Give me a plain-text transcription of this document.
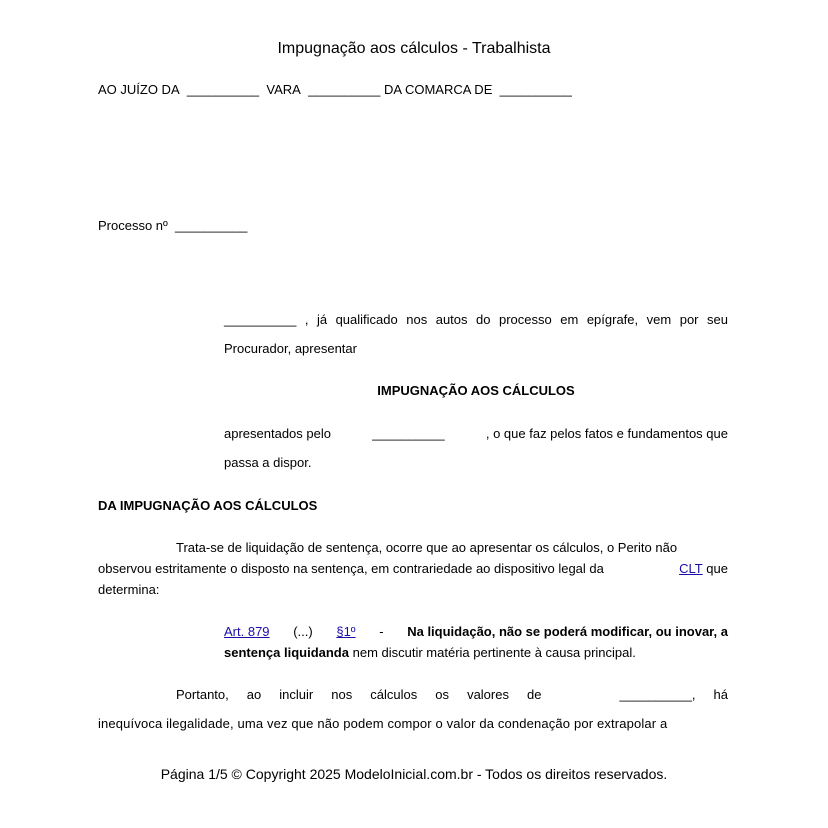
Impugnação aos cálculos - Trabalhista
AO JUÍZO DA __________ VARA __________ DA COMARCA DE __________
Processo nº __________
__________ , já qualificado nos autos do processo em epígrafe, vem por seu
Procurador, apresentar
IMPUGNAÇÃO AOS CÁLCULOS
apresentados pelo	__________	, o que faz pelos fatos e fundamentos que
passa a dispor.
DA IMPUGNAÇÃO AOS CÁLCULOS
Trata-se de liquidação de sentença, ocorre que ao apresentar os cálculos, o Perito não
observou estritamente o disposto na sentença, em contrariedade ao dispositivo legal da	CLT que
determina:
Art. 879 (...) §1º - Na liquidação, não se poderá modificar, ou inovar, a
sentença liquidanda nem discutir matéria pertinente à causa principal.
Portanto, ao incluir nos cálculos os valores de	__________, há
inequívoca ilegalidade, uma vez que não podem compor o valor da condenação por extrapolar a
Página 1/5 © Copyright 2025 ModeloInicial.com.br - Todos os direitos reservados.
